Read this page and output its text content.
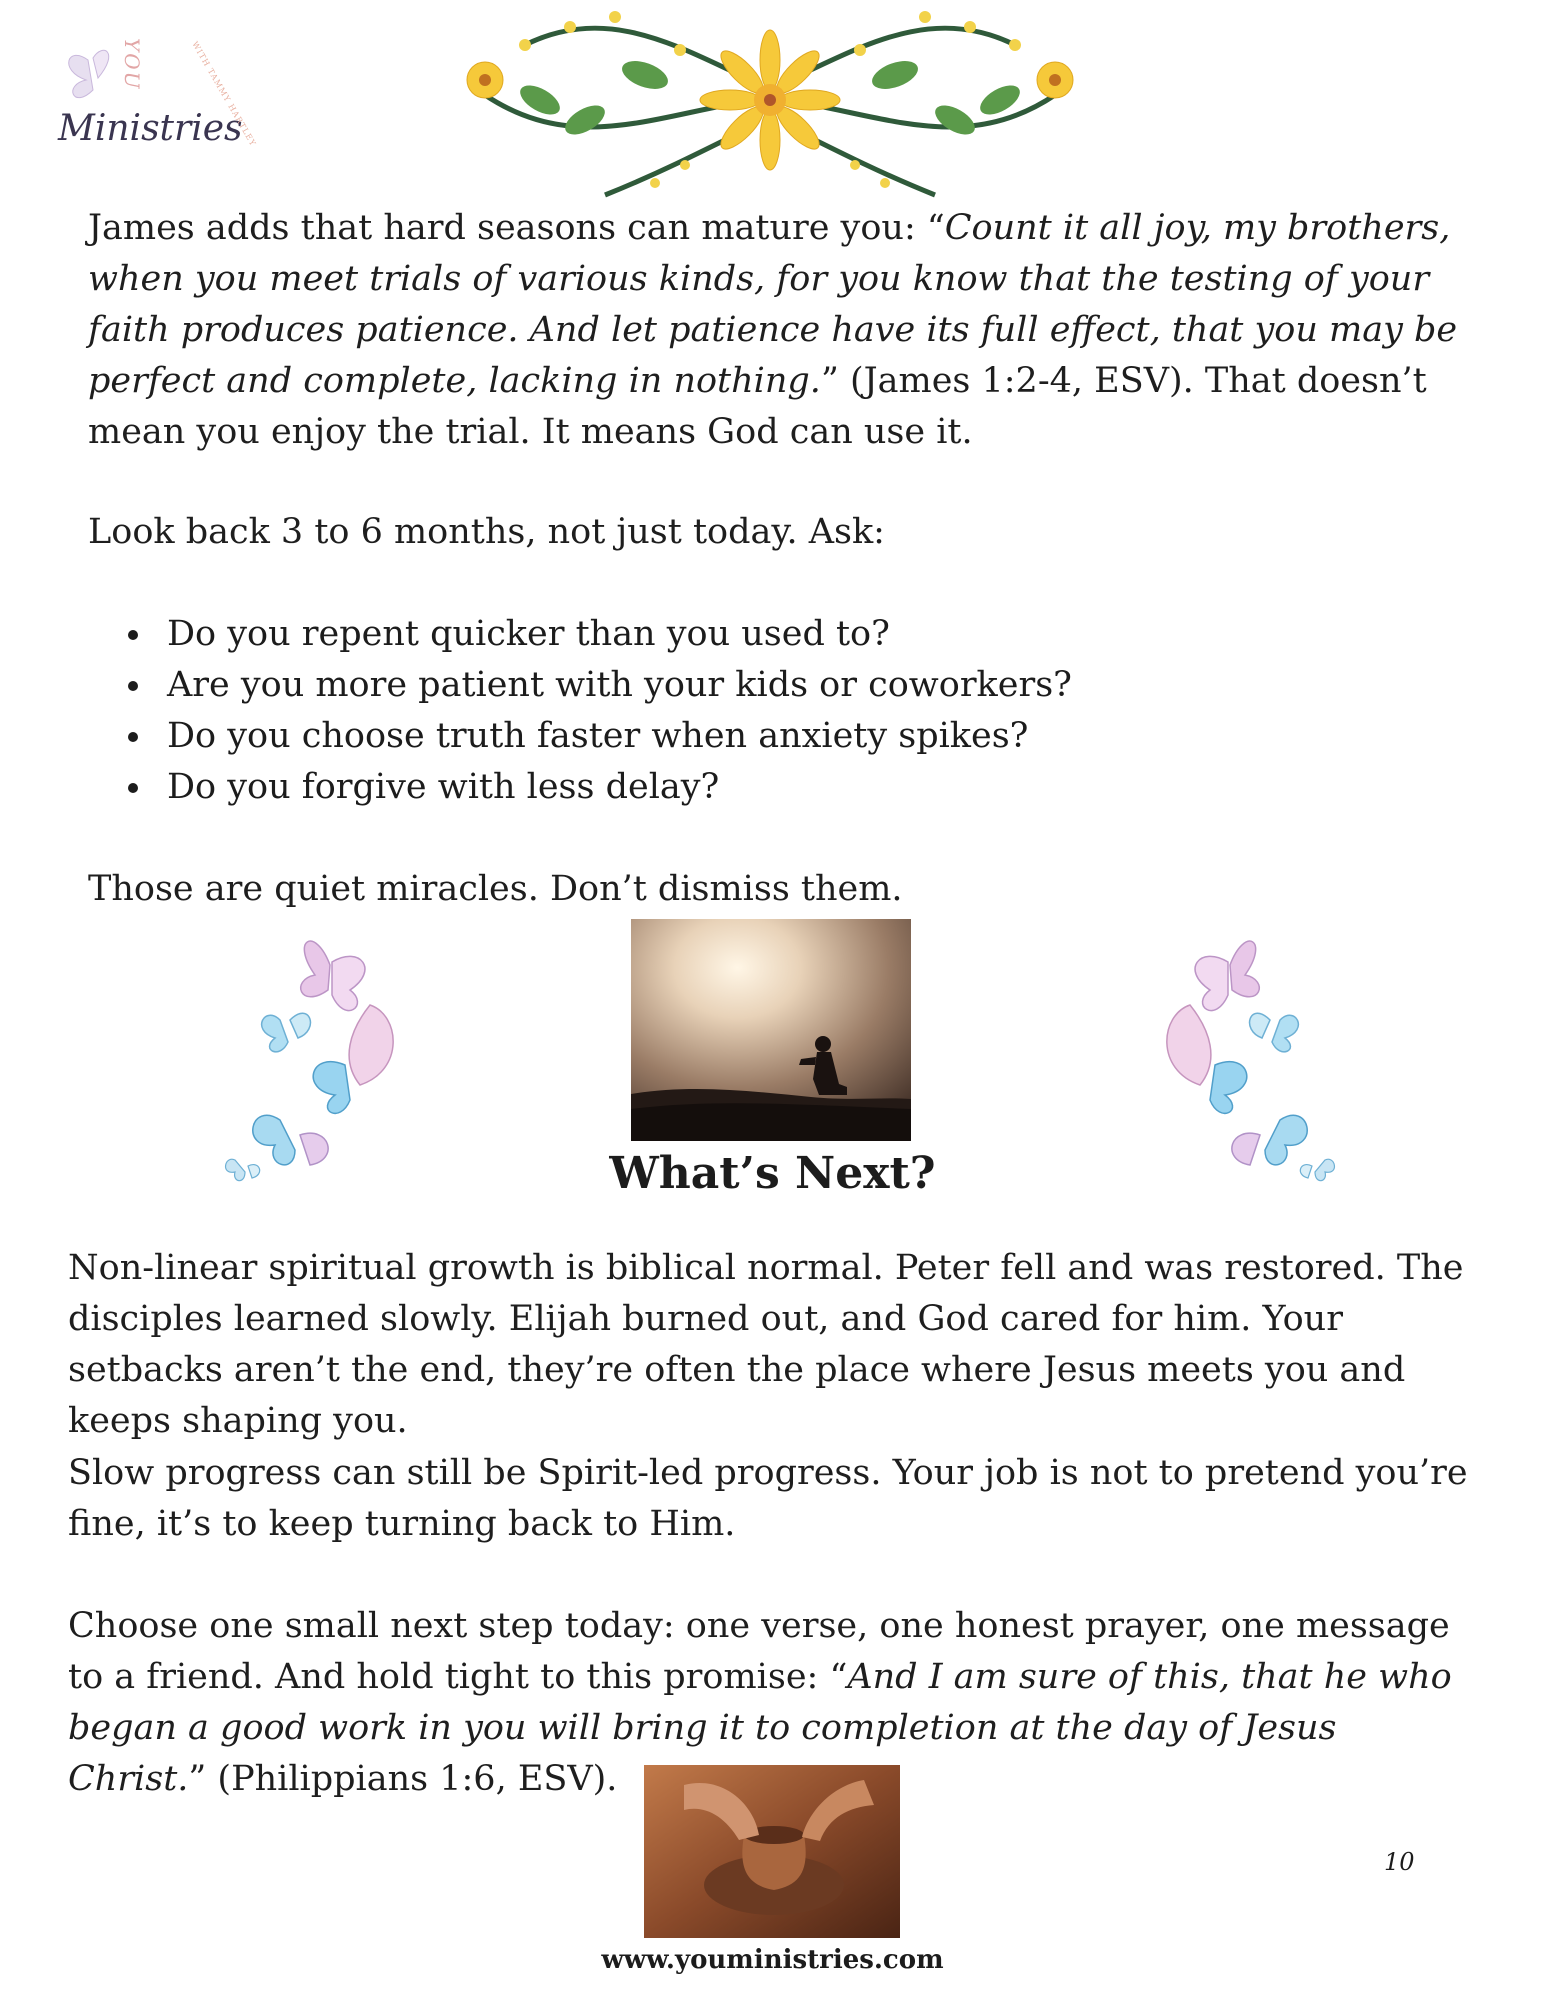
YOU
Ministries
WITH TAMMY HARTLEY

James adds that hard seasons can mature you: “Count it all joy, my brothers, when you meet trials of various kinds, for you know that the testing of your faith produces patience. And let patience have its full effect, that you may be perfect and complete, lacking in nothing.” (James 1:2-4, ESV). That doesn’t mean you enjoy the trial. It means God can use it.

Look back 3 to 6 months, not just today. Ask:

• Do you repent quicker than you used to?
• Are you more patient with your kids or coworkers?
• Do you choose truth faster when anxiety spikes?
• Do you forgive with less delay?

Those are quiet miracles. Don’t dismiss them.

What’s Next?

Non-linear spiritual growth is biblical normal. Peter fell and was restored. The disciples learned slowly. Elijah burned out, and God cared for him. Your setbacks aren’t the end, they’re often the place where Jesus meets you and keeps shaping you.

Slow progress can still be Spirit-led progress. Your job is not to pretend you’re fine, it’s to keep turning back to Him.

Choose one small next step today: one verse, one honest prayer, one message to a friend. And hold tight to this promise: “And I am sure of this, that he who began a good work in you will bring it to completion at the day of Jesus Christ.” (Philippians 1:6, ESV).

10
www.youministries.com
